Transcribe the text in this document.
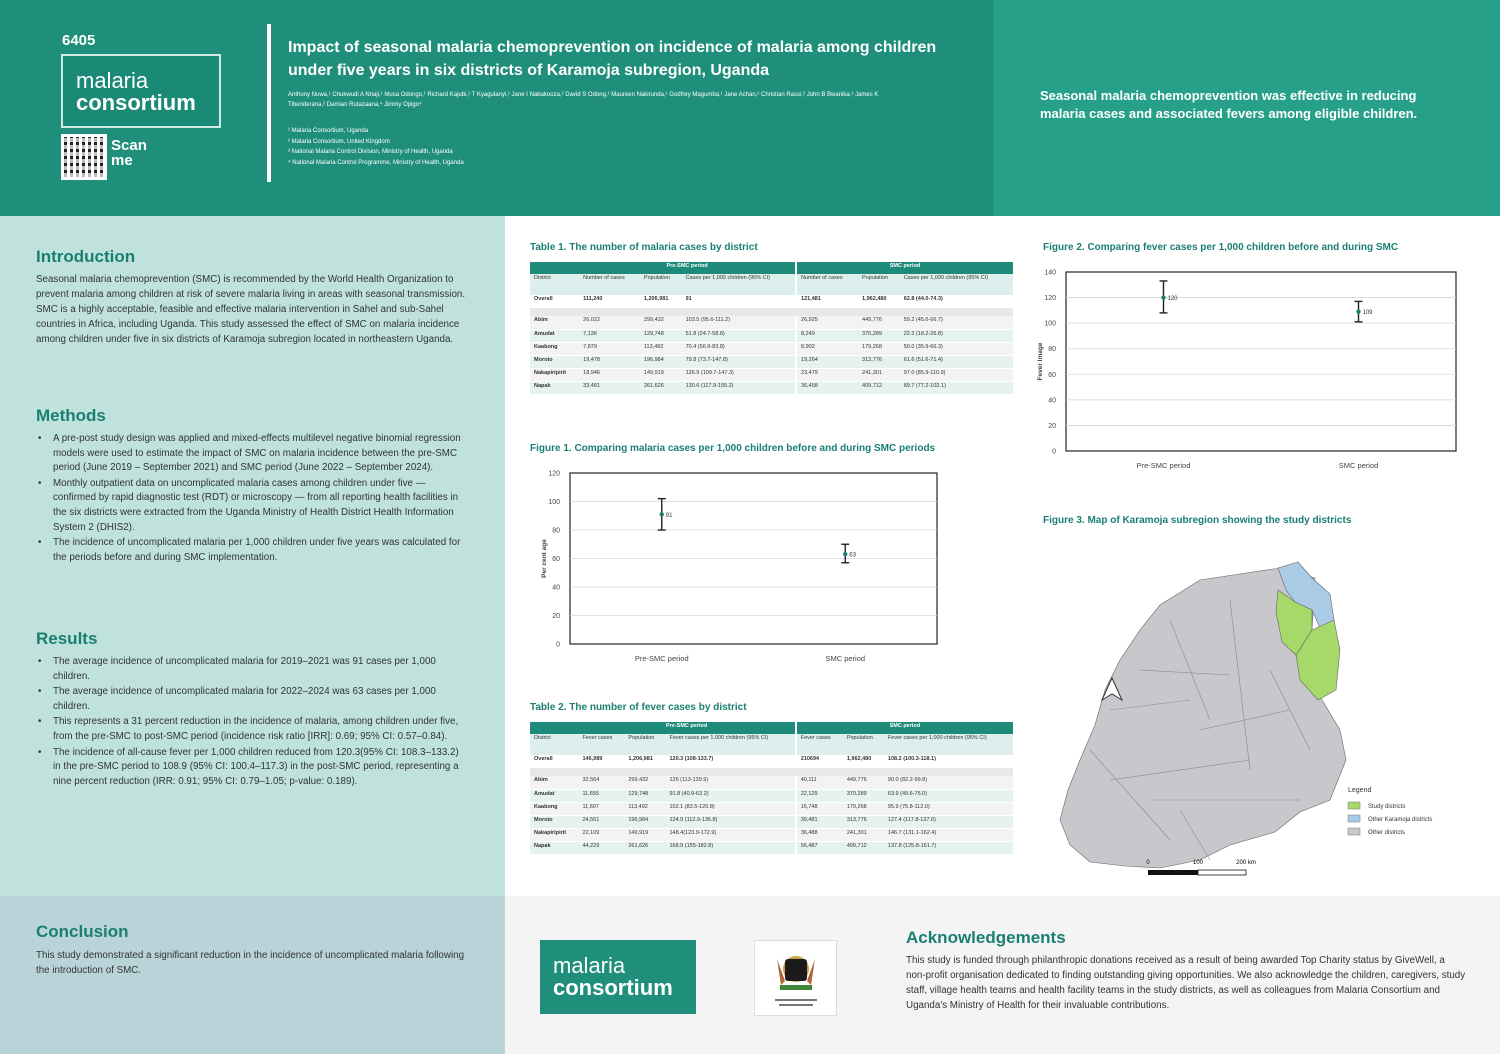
6405
malaria
consortium
Scan me
Impact of seasonal malaria chemoprevention on incidence of malaria among children under five years in six districts of Karamoja subregion, Uganda
Anthony Nuwa,¹ Chukwudi A Nnaji,¹ Musa Odongo,¹ Richard Kajubi,¹ T Kyagulanyi,¹ Jane I Nabakooza,² David S Odong,¹ Maureen Nakirunda,¹ Godfrey Magumba,¹ Jane Achan,² Christian Rassi,² John B Bwanika,³ James K Tibenderana,² Damian Rutazaana,⁴ Jimmy Opigo⁴
¹ Malaria Consortium, Uganda
² Malaria Consortium, United Kingdom
³ National Malaria Control Division, Ministry of Health, Uganda
⁴ National Malaria Control Programme, Ministry of Health, Uganda
Seasonal malaria chemoprevention was effective in reducing malaria cases and associated fevers among eligible children.
Introduction
Seasonal malaria chemoprevention (SMC) is recommended by the World Health Organization to prevent malaria among children at risk of severe malaria living in areas with seasonal transmission. SMC is a highly acceptable, feasible and effective malaria intervention in Sahel and sub-Sahel countries in Africa, including Uganda. This study assessed the effect of SMC on malaria incidence among children under five in six districts of Karamoja subregion located in northeastern Uganda.
Methods
• A pre-post study design was applied and mixed-effects multilevel negative binomial regression models were used to estimate the impact of SMC on malaria incidence between the pre-SMC period (June 2019 – September 2021) and SMC period (June 2022 – September 2024).
• Monthly outpatient data on uncomplicated malaria cases among children under five — confirmed by rapid diagnostic test (RDT) or microscopy — from all reporting health facilities in the six districts were extracted from the Uganda Ministry of Health District Health Information System 2 (DHIS2).
• The incidence of uncomplicated malaria per 1,000 children under five years was calculated for the periods before and during SMC implementation.
Results
• The average incidence of uncomplicated malaria for 2019–2021 was 91 cases per 1,000 children.
• The average incidence of uncomplicated malaria for 2022–2024 was 63 cases per 1,000 children.
• This represents a 31 percent reduction in the incidence of malaria, among children under five, from the pre-SMC to post-SMC period (incidence risk ratio [IRR]: 0.69; 95% CI: 0.57–0.84).
• The incidence of all-cause fever per 1,000 children reduced from 120.3(95% CI: 108.3–133.2) in the pre-SMC period to 108.9 (95% CI: 100.4–117.3) in the post-SMC period, representing a nine percent reduction (IRR: 0.91; 95% CI: 0.79–1.05; p-value: 0.189).
Conclusion
This study demonstrated a significant reduction in the incidence of uncomplicated malaria following the introduction of SMC.	malaria
consortium
Acknowledgements
This study is funded through philanthropic donations received as a result of being awarded Top Charity status by GiveWell, a non-profit organisation dedicated to finding outstanding giving opportunities. We also acknowledge the children, caregivers, study staff, village health teams and health facility teams in the study districts, as well as colleagues from Malaria Consortium and Uganda's Ministry of Health for their invaluable contributions.
Table 1. The number of malaria cases by district
	Pre-SMC period			SMC period		
District	Number of cases	Population	Cases per 1,000 children (95% CI)	Number of cases	Population	Cases per 1,000 children (95% CI)
Overall	111,240	1,206,981	91	121,481	1,962,480	62.8 (44.0-74.3)

Abim	26,022	299,432	103.5 (95.6-111.2)	26,925	449,776	59.2 (45.6-66.7)
Amudat	7,136	129,748	51.8 (24.7-58.8)	8,249	370,289	22.3 (18.2-26.8)
Kaabong	7,879	113,492	70.4 (56.9-83.8)	8,902	179,268	50.0 (35.9-66.3)
Moroto	19,478	196,984	79.8 (73.7-147.8)	19,264	313,776	61.6 (51.6-71.4)
Nakapiripirit	18,946	149,919	126.9 (109.7-147.3)	23,479	241,301	97.0 (85.9-110.9)
Napak	33,481	261,626	130.6 (117.9-155.2)	36,458	409,712	89.7 (77.2-102.1)
Figure 1. Comparing malaria cases per 1,000 children before and during SMC periods
0
20
40
60
80
100
120
Per cent age
91
Pre-SMC period
63
SMC period
Table 2. The number of fever cases by district
	Pre-SMC period			SMC period		
District	Fever cases	Population	Fever cases per 1,000 children (95% CI)	Fever cases	Population	Fever cases per 1,000 children (95% CI)
Overall	146,989	1,206,981	120.3 (108-133.7)	210694	1,962,480	108.2 (100.3-118.1)

Abim	32,564	299,432	126 (113-139.9)	40,111	449,776	90.0 (82.2-99.8)
Amudat	11,655	129,748	91.8 (40.9-63.2)	22,129	370,289	63.9 (49.6-75.0)
Kaabong	11,607	113,492	102.1 (83.5-120.8)	16,748	179,268	95.9 (75.8-112.0)
Moroto	24,561	196,984	124.9 (112.9-136.8)	39,481	313,776	127.4 (117.8-137.0)
Nakapiripirit	22,109	149,919	148.4(123.9-172.9)	36,488	241,301	146.7 (131.1-162.4)
Napak	44,229	261,626	168.9 (155-182.8)	56,487	409,712	137.8 (125.8-151.7)
Figure 2. Comparing fever cases per 1,000 children before and during SMC
0
20
40
60
80
100
120
140
Fever Image
120
Pre-SMC period
109
SMC period
Figure 3. Map of Karamoja subregion showing the study districts
0	100	200 km
Legend
Study districts
Other Karamoja districts
Other districts
